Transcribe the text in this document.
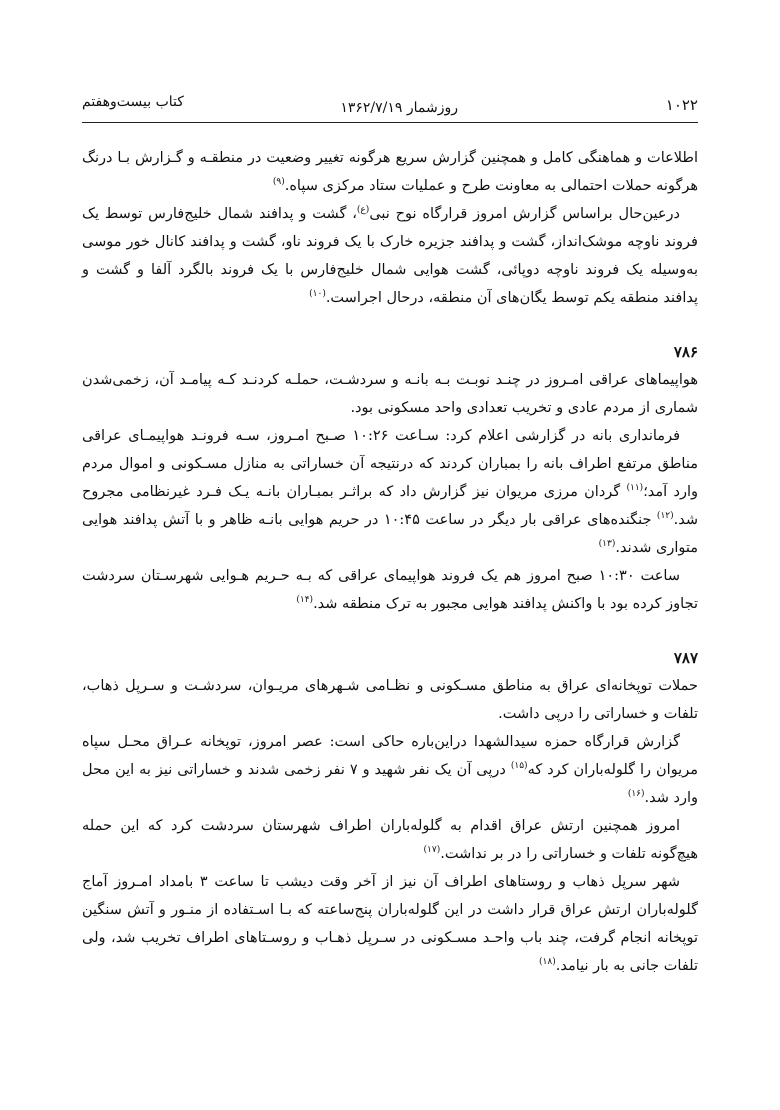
۱۰۲۲
روزشمار ۱۳۶۲/۷/۱۹
کتاب بیست‌وهفتم

اطلاعات و هماهنگی کامل و همچنین گزارش سریع هرگونه تغییر وضعیت در منطقـه و گـزارش بـا درنگ هرگونه حملات احتمالی به معاونت طرح و عملیات ستاد مرکزی سپاه.$^{(۹)}$

درعین‌حال براساس گزارش امروز قرارگاه نوح نبی$^{(ع)}$، گشت و پدافند شمال خلیج‌فارس توسط یک فروند ناوچه موشک‌انداز، گشت و پدافند جزیره خارک با یک فروند ناو، گشت و پدافند کانال خور موسی به‌وسیله یک فروند ناوچه دوپائی، گشت هوایی شمال خلیج‌فارس با یک فروند بالگرد آلفا و گشت و پدافند منطقه یکم توسط یگان‌های آن منطقه، درحال اجراست.$^{(۱۰)}$

۷۸۶

هواپیماهای عراقی امـروز در چنـد نوبـت بـه بانـه و سردشـت، حملـه کردنـد کـه پیامـد آن، زخمی‌شدن شماری از مردم عادی و تخریب تعدادی واحد مسکونی بود.

فرمانداری بانه در گزارشی اعلام کرد: سـاعت ۱۰:۲۶ صـبح امـروز، سـه فرونـد هواپیمـای عراقی مناطق مرتفع اطراف بانه را بمباران کردند که درنتیجه آن خساراتی به منازل مسـکونی و اموال مردم وارد آمد؛$^{(۱۱)}$ گردان مرزی مریوان نیز گزارش داد که براثـر بمبـاران بانـه یـک فـرد غیرنظامی مجروح شد.$^{(۱۲)}$ جنگنده‌های عراقی بار دیگر در ساعت ۱۰:۴۵ در حریم هوایی بانـه ظاهر و با آتش پدافند هوایی متواری شدند.$^{(۱۳)}$

ساعت ۱۰:۳۰ صبح امروز هم یک فروند هواپیمای عراقی که بـه حـریم هـوایی شهرسـتان سردشت تجاوز کرده بود با واکنش پدافند هوایی مجبور به ترک منطقه شد.$^{(۱۴)}$

۷۸۷

حملات توپخانه‌ای عراق به مناطق مسـکونی و نظـامی شـهرهای مریـوان، سردشـت و سـرپل ذهاب، تلفات و خساراتی را درپی داشت.

گزارش قرارگاه حمزه سیدالشهدا دراین‌باره حاکی است: عصر امروز، توپخانه عـراق محـل سپاه مریوان را گلوله‌باران کرد که$^{(۱۵)}$ درپی آن یک نفر شهید و ۷ نفر زخمی شدند و خساراتی نیز به این محل وارد شد.$^{(۱۶)}$

امروز همچنین ارتش عراق اقدام به گلوله‌باران اطراف شهرستان سردشت کرد که این حمله هیچ‌گونه تلفات و خساراتی را در بر نداشت.$^{(۱۷)}$

شهر سرپل ذهاب و روستاهای اطراف آن نیز از آخر وقت دیشب تا ساعت ۳ بامداد امـروز آماج گلوله‌باران ارتش عراق قرار داشت در این گلوله‌باران پنج‌ساعته که بـا اسـتفاده از منـور و آتش سنگین توپخانه انجام گرفت، چند باب واحـد مسـکونی در سـرپل ذهـاب و روسـتاهای اطراف تخریب شد، ولی تلفات جانی به بار نیامد.$^{(۱۸)}$
